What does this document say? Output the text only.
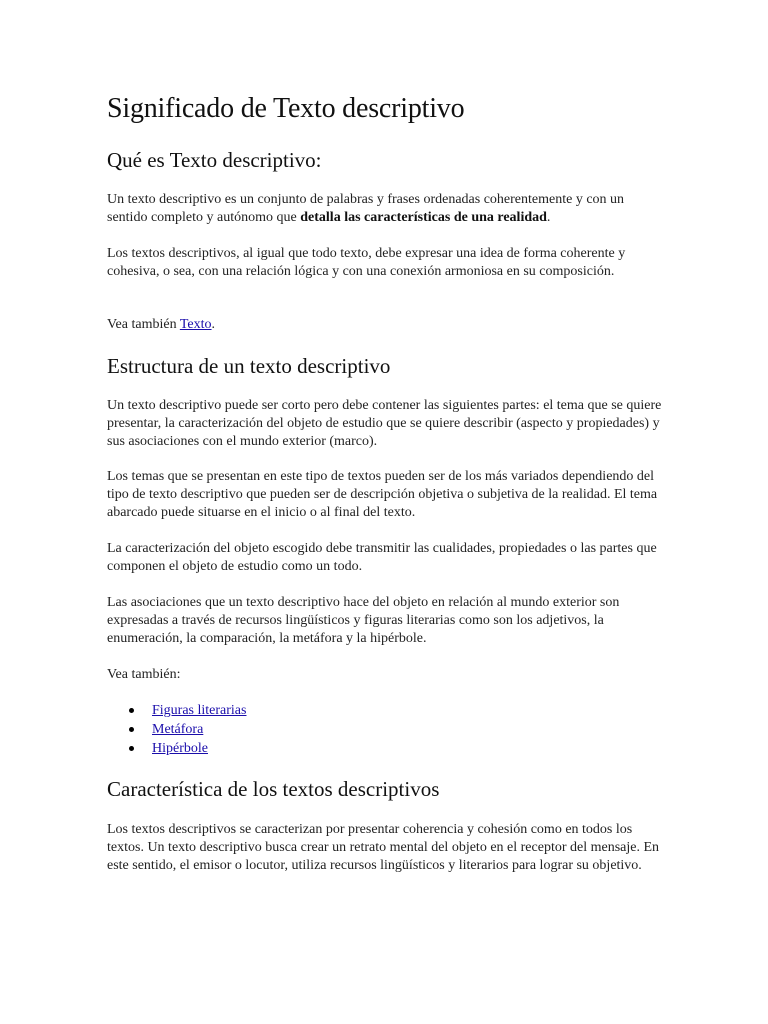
Significado de Texto descriptivo
Qué es Texto descriptivo:

Un texto descriptivo es un conjunto de palabras y frases ordenadas coherentemente y con un sentido completo y autónomo que detalla las características de una realidad.

Los textos descriptivos, al igual que todo texto, debe expresar una idea de forma coherente y cohesiva, o sea, con una relación lógica y con una conexión armoniosa en su composición.

Vea también Texto.

Estructura de un texto descriptivo

Un texto descriptivo puede ser corto pero debe contener las siguientes partes: el tema que se quiere presentar, la caracterización del objeto de estudio que se quiere describir (aspecto y propiedades) y sus asociaciones con el mundo exterior (marco).

Los temas que se presentan en este tipo de textos pueden ser de los más variados dependiendo del tipo de texto descriptivo que pueden ser de descripción objetiva o subjetiva de la realidad. El tema abarcado puede situarse en el inicio o al final del texto.

La caracterización del objeto escogido debe transmitir las cualidades, propiedades o las partes que componen el objeto de estudio como un todo.

Las asociaciones que un texto descriptivo hace del objeto en relación al mundo exterior son expresadas a través de recursos lingüísticos y figuras literarias como son los adjetivos, la enumeración, la comparación, la metáfora y la hipérbole.

Vea también:

Figuras literarias
Metáfora
Hipérbole
Característica de los textos descriptivos

Los textos descriptivos se caracterizan por presentar coherencia y cohesión como en todos los textos. Un texto descriptivo busca crear un retrato mental del objeto en el receptor del mensaje. En este sentido, el emisor o locutor, utiliza recursos lingüísticos y literarios para lograr su objetivo.
